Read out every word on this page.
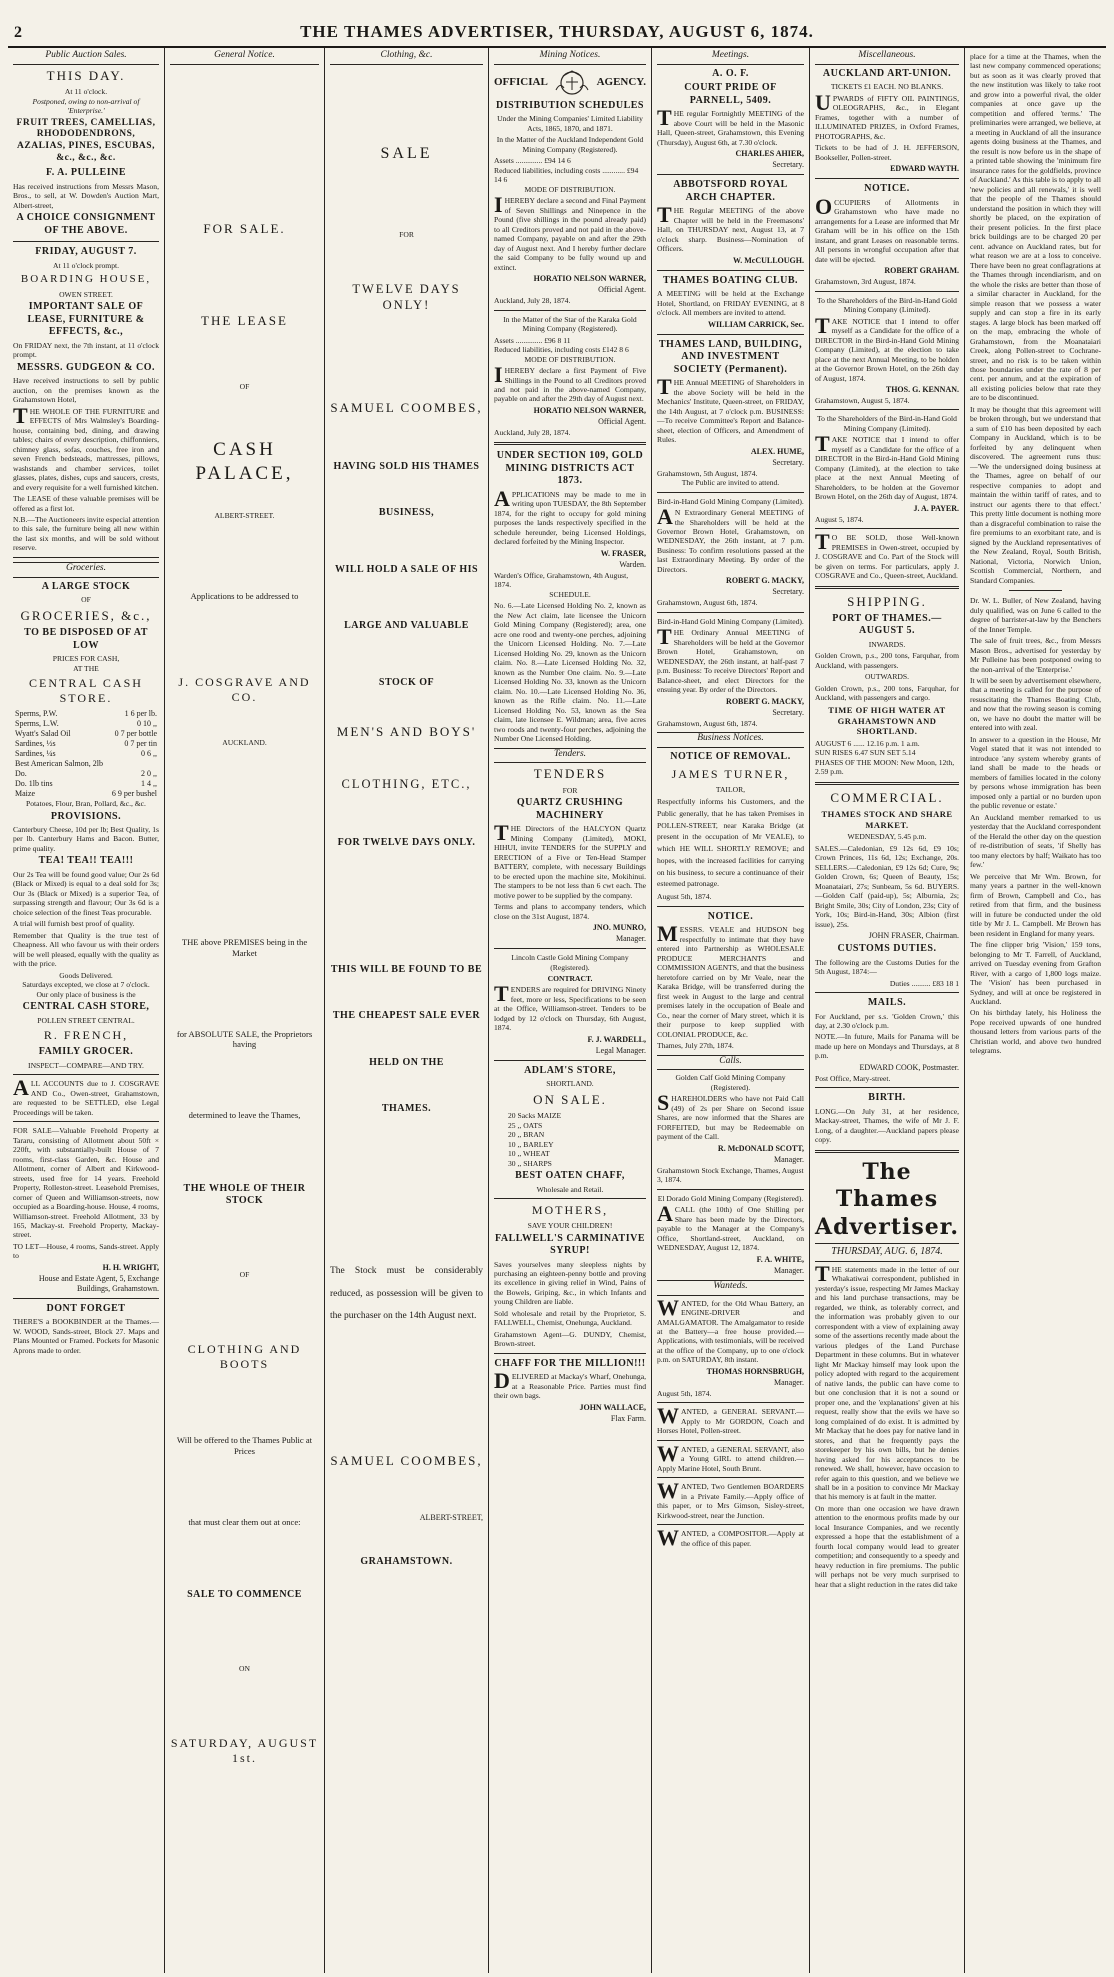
2	THE THAMES ADVERTISER, THURSDAY, AUGUST 6, 1874.
Public Auction Sales.
THIS DAY.
At 11 o'clock.
Postponed, owing to non-arrival of 'Enterprise.'
FRUIT TREES, CAMELLIAS, RHODODENDRONS, AZALIAS, PINES, ESCUBAS, &c., &c., &c.
F. A. PULLEINE

Has received instructions from Messrs Mason, Bros., to sell, at W. Dowden's Auction Mart, Albert-street,

A CHOICE CONSIGNMENT OF THE ABOVE.
FRIDAY, AUGUST 7.
At 11 o'clock prompt.
BOARDING HOUSE,
OWEN STREET.
IMPORTANT SALE OF LEASE, FURNITURE & EFFECTS, &c.,

On FRIDAY next, the 7th instant, at 11 o'clock prompt.

MESSRS. GUDGEON & CO.

Have received instructions to sell by public auction, on the premises known as the Grahamstown Hotel,

THE WHOLE OF THE FURNITURE and EFFECTS of Mrs Walmsley's Boarding-house, containing bed, dining, and drawing tables; chairs of every description, chiffonniers, chimney glass, sofas, couches, free iron and seven French bedsteads, mattresses, pillows, washstands and chamber services, toilet glasses, plates, dishes, cups and saucers, crests, and every requisite for a well furnished kitchen.

The LEASE of these valuable premises will be offered as a first lot.

N.B.—The Auctioneers invite especial attention to this sale, the furniture being all new within the last six months, and will be sold without reserve.

Groceries.
A LARGE STOCK
OF
GROCERIES, &c.,
TO BE DISPOSED OF AT LOW
PRICES FOR CASH,
AT THE
CENTRAL CASH STORE.
Sperms, P.W.	1 6 per lb.
Sperms, L.W.	0 10 ,,
Wyatt's Salad Oil	0 7 per bottle
Sardines, ½s	0 7 per tin
Sardines, ¼s	0 6 ,,
Best American Salmon, 2lb	
Do.	2 0 ,,
Do. 1lb tins	1 4 ,,
Maize	6 9 per bushel
Potatoes, Flour, Bran, Pollard, &c., &c.
PROVISIONS.

Canterbury Cheese, 10d per lb; Best Quality, 1s per lb. Canterbury Hams and Bacon. Butter, prime quality.

TEA! TEA!! TEA!!!

Our 2s Tea will be found good value; Our 2s 6d (Black or Mixed) is equal to a deal sold for 3s; Our 3s (Black or Mixed) is a superior Tea, of surpassing strength and flavour; Our 3s 6d is a choice selection of the finest Teas procurable.

A trial will furnish best proof of quality.

Remember that Quality is the true test of Cheapness. All who favour us with their orders will be well pleased, equally with the quality as with the price.

Goods Delivered.
Saturdays excepted, we close at 7 o'clock.
Our only place of business is the
CENTRAL CASH STORE,
POLLEN STREET CENTRAL.
R. FRENCH,
FAMILY GROCER.
INSPECT—COMPARE—AND TRY.

ALL ACCOUNTS due to J. COSGRAVE AND Co., Owen-street, Grahamstown, are requested to be SETTLED, else Legal Proceedings will be taken.

FOR SALE—Valuable Freehold Property at Tararu, consisting of Allotment about 50ft × 220ft, with substantially-built House of 7 rooms, first-class Garden, &c. House and Allotment, corner of Albert and Kirkwood-streets, used free for 14 years. Freehold Property, Rolleston-street. Leasehold Premises, corner of Queen and Williamson-streets, now occupied as a Boarding-house. House, 4 rooms, Williamson-street. Freehold Allotment, 33 by 165, Mackay-st. Freehold Property, Mackay-street.

TO LET—House, 4 rooms, Sands-street. Apply to

H. H. WRIGHT,
House and Estate Agent, 5, Exchange Buildings, Grahamstown.
DONT FORGET

THERE'S a BOOKBINDER at the Thames.—W. WOOD, Sands-street, Block 27. Maps and Plans Mounted or Framed. Pockets for Masonic Aprons made to order.

General Notice.
FOR SALE.
THE LEASE
OF
CASH PALACE,
ALBERT-STREET.
Applications to be addressed to
J. COSGRAVE AND CO.
AUCKLAND.
THE above PREMISES being in the Market
for ABSOLUTE SALE, the Proprietors having
determined to leave the Thames,
THE WHOLE OF THEIR STOCK
OF
CLOTHING AND BOOTS
Will be offered to the Thames Public at Prices
that must clear them out at once:
SALE TO COMMENCE
ON
SATURDAY, AUGUST 1st.
Clothing, &c.
SALE
FOR
TWELVE DAYS ONLY!
SAMUEL COOMBES,
HAVING SOLD HIS THAMES
BUSINESS,
WILL HOLD A SALE OF HIS
LARGE AND VALUABLE
STOCK OF
MEN'S AND BOYS'
CLOTHING, ETC.,
FOR TWELVE DAYS ONLY.
THIS WILL BE FOUND TO BE
THE CHEAPEST SALE EVER
HELD ON THE
THAMES.

The Stock must be considerably reduced, as possession will be given to the purchaser on the 14th August next.

SAMUEL COOMBES,
ALBERT-STREET,
GRAHAMSTOWN.
Mining Notices.
OFFICIAL	AGENCY.
DISTRIBUTION SCHEDULES

Under the Mining Companies' Limited Liability Acts, 1865, 1870, and 1871.

In the Matter of the Auckland Independent Gold Mining Company (Registered).

Assets .............. £94 14 6
Reduced liabilities, including costs ............ £94 14 6
MODE OF DISTRIBUTION.

IHEREBY declare a second and Final Payment of Seven Shillings and Ninepence in the Pound (five shillings in the pound already paid) to all Creditors proved and not paid in the above-named Company, payable on and after the 29th day of August next. And I hereby further declare the said Company to be fully wound up and extinct.

HORATIO NELSON WARNER,
Official Agent.
Auckland, July 28, 1874.

In the Matter of the Star of the Karaka Gold Mining Company (Registered).

Assets .............. £96 8 11
Reduced liabilities, including costs £142 8 6
MODE OF DISTRIBUTION.

IHEREBY declare a first Payment of Five Shillings in the Pound to all Creditors proved and not paid in the above-named Company, payable on and after the 29th day of August next.

HORATIO NELSON WARNER,
Official Agent.
Auckland, July 28, 1874.
UNDER SECTION 109, GOLD MINING DISTRICTS ACT 1873.

APPLICATIONS may be made to me in writing upon TUESDAY, the 8th September 1874, for the right to occupy for gold mining purposes the lands respectively specified in the schedule hereunder, being Licensed Holdings, declared forfeited by the Mining Inspector.

W. FRASER,
Warden.
Warden's Office, Grahamstown, 4th August, 1874.
SCHEDULE.

No. 6.—Late Licensed Holding No. 2, known as the New Act claim, late licensee the Unicorn Gold Mining Company (Registered); area, one acre one rood and twenty-one perches, adjoining the Unicorn Licensed Holding. No. 7.—Late Licensed Holding No. 29, known as the Unicorn claim. No. 8.—Late Licensed Holding No. 32, known as the Number One claim. No. 9.—Late Licensed Holding No. 33, known as the Unicorn claim. No. 10.—Late Licensed Holding No. 36, known as the Rifle claim. No. 11.—Late Licensed Holding No. 53, known as the Sea claim, late licensee E. Wildman; area, five acres two roods and twenty-four perches, adjoining the Number One Licensed Holding.

Tenders.
TENDERS
FOR
QUARTZ CRUSHING MACHINERY

THE Directors of the HALCYON Quartz Mining Company (Limited), MOKI, HIHUI, invite TENDERS for the SUPPLY and ERECTION of a Five or Ten-Head Stamper BATTERY, complete, with necessary Buildings to be erected upon the machine site, Mokihinui. The stampers to be not less than 6 cwt each. The motive power to be supplied by the company.

Terms and plans to accompany tenders, which close on the 31st August, 1874.

JNO. MUNRO,
Manager.

Lincoln Castle Gold Mining Company (Registered).

CONTRACT.

TENDERS are required for DRIVING Ninety feet, more or less, Specifications to be seen at the Office, Williamson-street. Tenders to be lodged by 12 o'clock on Thursday, 6th August, 1874.

F. J. WARDELL,
Legal Manager.
ADLAM'S STORE,
SHORTLAND.
ON SALE.
20 Sacks MAIZE
25 ,, OATS
20 ,, BRAN
10 ,, BARLEY
10 ,, WHEAT
30 ,, SHARPS
BEST OATEN CHAFF,
Wholesale and Retail.
MOTHERS,
SAVE YOUR CHILDREN!
FALLWELL'S CARMINATIVE SYRUP!

Saves yourselves many sleepless nights by purchasing an eighteen-penny bottle and proving its excellence in giving relief in Wind, Pains of the Bowels, Griping, &c., in which Infants and young Children are liable.

Sold wholesale and retail by the Proprietor, S. FALLWELL, Chemist, Onehunga, Auckland.

Grahamstown Agent—G. DUNDY, Chemist, Brown-street.

CHAFF FOR THE MILLION!!!

DELIVERED at Mackay's Wharf, Onehunga, at a Reasonable Price. Parties must find their own bags.

JOHN WALLACE,
Flax Farm.
Meetings.
A. O. F.
COURT PRIDE OF PARNELL, 5409.

THE regular Fortnightly MEETING of the above Court will be held in the Masonic Hall, Queen-street, Grahamstown, this Evening (Thursday), August 6th, at 7.30 o'clock.

CHARLES AHIER,
Secretary.
ABBOTSFORD ROYAL ARCH CHAPTER.

THE Regular MEETING of the above Chapter will be held in the Freemasons' Hall, on THURSDAY next, August 13, at 7 o'clock sharp. Business—Nomination of Officers.

W. McCULLOUGH.
THAMES BOATING CLUB.

A MEETING will be held at the Exchange Hotel, Shortland, on FRIDAY EVENING, at 8 o'clock. All members are invited to attend.

WILLIAM CARRICK, Sec.
THAMES LAND, BUILDING, AND INVESTMENT SOCIETY (Permanent).

THE Annual MEETING of Shareholders in the above Society will be held in the Mechanics' Institute, Queen-street, on FRIDAY, the 14th August, at 7 o'clock p.m. BUSINESS:—To receive Committee's Report and Balance-sheet, election of Officers, and Amendment of Rules.

ALEX. HUME,
Secretary.
Grahamstown, 5th August, 1874.
The Public are invited to attend.

Bird-in-Hand Gold Mining Company (Limited).

AN Extraordinary General MEETING of the Shareholders will be held at the Governor Brown Hotel, Grahamstown, on WEDNESDAY, the 26th instant, at 7 p.m. Business: To confirm resolutions passed at the last Extraordinary Meeting. By order of the Directors.

ROBERT G. MACKY,
Secretary.
Grahamstown, August 6th, 1874.

Bird-in-Hand Gold Mining Company (Limited).

THE Ordinary Annual MEETING of Shareholders will be held at the Governor Brown Hotel, Grahamstown, on WEDNESDAY, the 26th instant, at half-past 7 p.m. Business: To receive Directors' Report and Balance-sheet, and elect Directors for the ensuing year. By order of the Directors.

ROBERT G. MACKY,
Secretary.
Grahamstown, August 6th, 1874.
Business Notices.
NOTICE OF REMOVAL.
JAMES TURNER,
TAILOR,

Respectfully informs his Customers, and the Public generally, that he has taken Premises in POLLEN-STREET, near Karaka Bridge (at present in the occupation of Mr VEALE), to which HE WILL SHORTLY REMOVE; and hopes, with the increased facilities for carrying on his business, to secure a continuance of their esteemed patronage.

August 5th, 1874.
NOTICE.

MESSRS. VEALE and HUDSON beg respectfully to intimate that they have entered into Partnership as WHOLESALE PRODUCE MERCHANTS and COMMISSION AGENTS, and that the business heretofore carried on by Mr Veale, near the Karaka Bridge, will be transferred during the first week in August to the large and central premises lately in the occupation of Beale and Co., near the corner of Mary street, which it is their purpose to keep supplied with COLONIAL PRODUCE, &c.

Thames, July 27th, 1874.
Calls.

Golden Calf Gold Mining Company (Registered).

SHAREHOLDERS who have not Paid Call (49) of 2s per Share on Second issue Shares, are now informed that the Shares are FORFEITED, but may be Redeemable on payment of the Call.

R. McDONALD SCOTT,
Manager.
Grahamstown Stock Exchange, Thames, August 3, 1874.

El Dorado Gold Mining Company (Registered).

ACALL (the 10th) of One Shilling per Share has been made by the Directors, payable to the Manager at the Company's Office, Shortland-street, Auckland, on WEDNESDAY, August 12, 1874.

F. A. WHITE,
Manager.
Wanteds.

WANTED, for the Old Whau Battery, an ENGINE-DRIVER and AMALGAMATOR. The Amalgamator to reside at the Battery—a free house provided.—Applications, with testimonials, will be received at the office of the Company, up to one o'clock p.m. on SATURDAY, 8th instant.

THOMAS HORNSBRUGH,
Manager.
August 5th, 1874.

WANTED, a GENERAL SERVANT.—Apply to Mr GORDON, Coach and Horses Hotel, Pollen-street.

WANTED, a GENERAL SERVANT, also a Young GIRL to attend children.—Apply Marine Hotel, South Brunt.

WANTED, Two Gentlemen BOARDERS in a Private Family.—Apply office of this paper, or to Mrs Gimson, Sisley-street, Kirkwood-street, near the Junction.

WANTED, a COMPOSITOR.—Apply at the office of this paper.

Miscellaneous.
AUCKLAND ART-UNION.
TICKETS £1 EACH. NO BLANKS.

UPWARDS of FIFTY OIL PAINTINGS, OLEOGRAPHS, &c., in Elegant Frames, together with a number of ILLUMINATED PRIZES, in Oxford Frames, PHOTOGRAPHS, &c.

Tickets to be had of J. H. JEFFERSON, Bookseller, Pollen-street.

EDWARD WAYTH.
NOTICE.

OCCUPIERS of Allotments in Grahamstown who have made no arrangements for a Lease are informed that Mr Graham will be in his office on the 15th instant, and grant Leases on reasonable terms. All persons in wrongful occupation after that date will be ejected.

ROBERT GRAHAM.
Grahamstown, 3rd August, 1874.

To the Shareholders of the Bird-in-Hand Gold Mining Company (Limited).

TAKE NOTICE that I intend to offer myself as a Candidate for the office of a DIRECTOR in the Bird-in-Hand Gold Mining Company (Limited), at the election to take place at the next Annual Meeting, to be holden at the Governor Brown Hotel, on the 26th day of August, 1874.

THOS. G. KENNAN.
Grahamstown, August 5, 1874.

To the Shareholders of the Bird-in-Hand Gold Mining Company (Limited).

TAKE NOTICE that I intend to offer myself as a Candidate for the office of a DIRECTOR in the Bird-in-Hand Gold Mining Company (Limited), at the election to take place at the next Annual Meeting of Shareholders, to be holden at the Governor Brown Hotel, on the 26th day of August, 1874.

J. A. PAYER.
August 5, 1874.

TO BE SOLD, those Well-known PREMISES in Owen-street, occupied by J. COSGRAVE and Co. Part of the Stock will be given on terms. For particulars, apply J. COSGRAVE and Co., Queen-street, Auckland.

SHIPPING.
PORT OF THAMES.—AUGUST 5.
INWARDS.

Golden Crown, p.s., 200 tons, Farquhar, from Auckland, with passengers.

OUTWARDS.

Golden Crown, p.s., 200 tons, Farquhar, for Auckland, with passengers and cargo.

TIME OF HIGH WATER AT GRAHAMSTOWN AND SHORTLAND.
AUGUST 6 ...... 12.16 p.m. 1 a.m.
SUN RISES 6.47 SUN SET 5.14
PHASES OF THE MOON: New Moon, 12th, 2.59 p.m.
COMMERCIAL.
THAMES STOCK AND SHARE MARKET.
WEDNESDAY, 5.45 p.m.

SALES.—Caledonian, £9 12s 6d, £9 10s; Crown Princes, 11s 6d, 12s; Exchange, 20s. SELLERS.—Caledonian, £9 12s 6d; Cure, 9s; Golden Crown, 6s; Queen of Beauty, 15s; Moanataiari, 27s; Sunbeam, 5s 6d. BUYERS.—Golden Calf (paid-up), 5s; Alburnia, 2s; Bright Smile, 30s; City of London, 23s; City of York, 10s; Bird-in-Hand, 30s; Albion (first issue), 25s.

JOHN FRASER, Chairman.
CUSTOMS DUTIES.

The following are the Customs Duties for the 5th August, 1874:—

Duties .......... £83 18 1
MAILS.

For Auckland, per s.s. 'Golden Crown,' this day, at 2.30 o'clock p.m.

NOTE.—In future, Mails for Panama will be made up here on Mondays and Thursdays, at 8 p.m.

EDWARD COOK, Postmaster.
Post Office, Mary-street.
BIRTH.

LONG.—On July 31, at her residence, Mackay-street, Thames, the wife of Mr J. F. Long, of a daughter.—Auckland papers please copy.

The Thames Advertiser.
THURSDAY, AUG. 6, 1874.

THE statements made in the letter of our Whakatiwai correspondent, published in yesterday's issue, respecting Mr James Mackay and his land purchase transactions, may be regarded, we think, as tolerably correct, and the information was probably given to our correspondent with a view of explaining away some of the assertions recently made about the various pledges of the Land Purchase Department in these columns. But in whatever light Mr Mackay himself may look upon the policy adopted with regard to the acquirement of native lands, the public can have come to but one conclusion that it is not a sound or proper one, and the 'explanations' given at his request, really show that the evils we have so long complained of do exist. It is admitted by Mr Mackay that he does pay for native land in stores, and that he frequently pays the storekeeper by his own bills, but he denies having asked for his acceptances to be renewed. We shall, however, have occasion to refer again to this question, and we believe we shall be in a position to convince Mr Mackay that his memory is at fault in the matter.

On more than one occasion we have drawn attention to the enormous profits made by our local Insurance Companies, and we recently expressed a hope that the establishment of a fourth local company would lead to greater competition; and consequently to a speedy and heavy reduction in fire premiums. The public will perhaps not be very much surprised to hear that a slight reduction in the rates did take

place for a time at the Thames, when the last new company commenced operations; but as soon as it was clearly proved that the new institution was likely to take root and grow into a powerful rival, the older companies at once gave up the competition and offered 'terms.' The preliminaries were arranged, we believe, at a meeting in Auckland of all the insurance agents doing business at the Thames, and the result is now before us in the shape of a printed table showing the 'minimum fire insurance rates for the goldfields, province of Auckland.' As this table is to apply to all 'new policies and all renewals,' it is well that the people of the Thames should understand the position in which they will shortly be placed, on the expiration of their present policies. In the first place brick buildings are to be charged 20 per cent. advance on Auckland rates, but for what reason we are at a loss to conceive. There have been no great conflagrations at the Thames through incendiarism, and on the whole the risks are better than those of a similar character in Auckland, for the simple reason that we possess a water supply and can stop a fire in its early stages. A large block has been marked off on the map, embracing the whole of Grahamstown, from the Moanataiari Creek, along Pollen-street to Cochrane-street, and no risk is to be taken within those boundaries under the rate of 8 per cent. per annum, and at the expiration of all existing policies below that rate they are to be discontinued.

It may be thought that this agreement will be broken through, but we understand that a sum of £10 has been deposited by each Company in Auckland, which is to be forfeited by any delinquent when discovered. The agreement runs thus:—'We the undersigned doing business at the Thames, agree on behalf of our respective companies to adopt and maintain the within tariff of rates, and to instruct our agents there to that effect.' This pretty little document is nothing more than a disgraceful combination to raise the fire premiums to an exorbitant rate, and is signed by the Auckland representatives of the New Zealand, Royal, South British, National, Victoria, Norwich Union, Scottish Commercial, Northern, and Standard Companies.

Dr. W. L. Buller, of New Zealand, having duly qualified, was on June 6 called to the degree of barrister-at-law by the Benchers of the Inner Temple.

The sale of fruit trees, &c., from Messrs Mason Bros., advertised for yesterday by Mr Pulleine has been postponed owing to the non-arrival of the 'Enterprise.'

It will be seen by advertisement elsewhere, that a meeting is called for the purpose of resuscitating the Thames Boating Club, and now that the rowing season is coming on, we have no doubt the matter will be entered into with zeal.

In answer to a question in the House, Mr Vogel stated that it was not intended to introduce 'any system whereby grants of land shall be made to the heads or members of families located in the colony by persons whose immigration has been imposed only a partial or no burden upon the public revenue or estate.'

An Auckland member remarked to us yesterday that the Auckland correspondent of the Herald the other day on the question of re-distribution of seats, 'if Shelly has too many electors by half; Waikato has too few.'

We perceive that Mr Wm. Brown, for many years a partner in the well-known firm of Brown, Campbell and Co., has retired from that firm, and the business will in future be conducted under the old title by Mr J. L. Campbell. Mr Brown has been resident in England for many years.

The fine clipper brig 'Vision,' 159 tons, belonging to Mr T. Farrell, of Auckland, arrived on Tuesday evening from Grafton River, with a cargo of 1,800 logs maize. The 'Vision' has been purchased in Sydney, and will at once be registered in Auckland.

On his birthday lately, his Holiness the Pope received upwards of one hundred thousand letters from various parts of the Christian world, and above two hundred telegrams.
